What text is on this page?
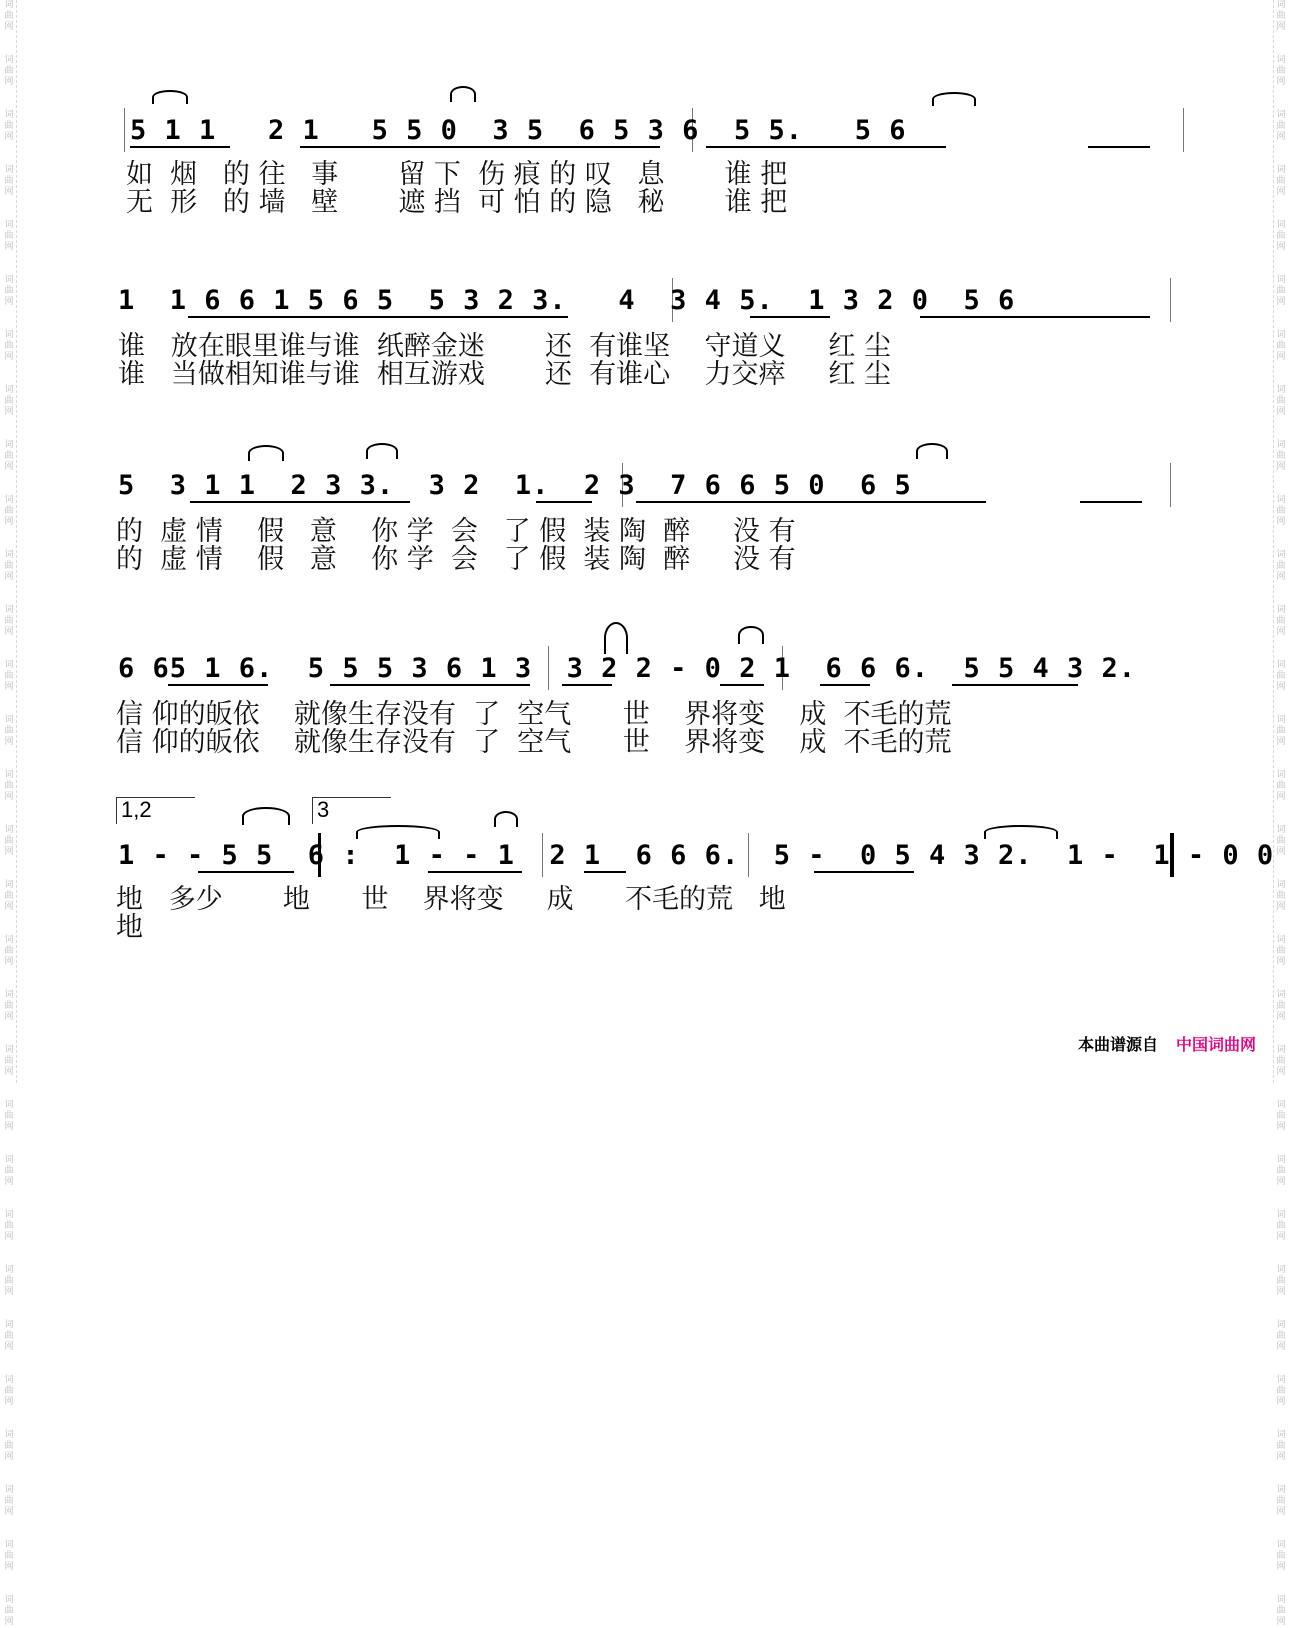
词
曲
网
词
曲
网
词
曲
网
词
曲
网
词
曲
网
词
曲
网
词
曲
网
词
曲
网
词
曲
网
词
曲
网
词
曲
网
词
曲
网
词
曲
网
词
曲
网
词
曲
网
词
曲
网
词
曲
网
词
曲
网
词
曲
网
词
曲
网
词
曲
网
词
曲
网
词
曲
网
词
曲
网
词
曲
网
词
曲
网
词
曲
网
词
曲
网
词
曲
网
词
曲
网
词
曲
网
词
曲
网
词
曲
网
词
曲
网
词
曲
网
词
曲
网
词
曲
网
词
曲
网
词
曲
网
词
曲
网
词
曲
网
词
曲
网
词
曲
网
词
曲
网
词
曲
网
词
曲
网
词
曲
网
词
曲
网
词
曲
网
词
曲
网
词
曲
网
词
曲
网
词
曲
网
词
曲
网
词
曲
网
词
曲
网
词
曲
网
词
曲
网
词
曲
网
词
曲
网
5 1 1   2 1   5 5 0  3 5  6 5 3 6  5 5.   5 6
如  烟   的 往   事       留 下  伤 痕 的 叹   息       谁 把
无  形   的 墙   壁       遮 挡  可 怕 的 隐   秘       谁 把
1  1 6 6 1 5 6 5  5 3 2 3.   4  3 4 5.  1 3 2 0  5 6
谁   放在眼里谁与谁  纸醉金迷       还  有谁坚    守道义     红 尘
谁   当做相知谁与谁  相互游戏       还  有谁心    力交瘁     红 尘
5  3 1 1  2 3 3.  3 2  1.  2 3  7 6 6 5 0  6 5
的  虚 情    假   意    你 学  会   了 假  装 陶  醉     没 有
的  虚 情    假   意    你 学  会   了 假  装 陶  醉     没 有
6 65 1 6.  5 5 5 3 6 1 3  3 2 2 - 0 2 1  6 6 6.  5 5 4 3 2.
信 仰的皈依    就像生存没有  了  空气      世    界将变    成  不毛的荒
信 仰的皈依    就像生存没有  了  空气      世    界将变    成  不毛的荒
1,2	3
1 - - 5 5  6 :  1 - - 1  2 1  6 6 6.  5 -  0 5 4 3 2.  1 -  1 - 0 0
地   多少       地      世    界将变     成      不毛的荒   地
地
本曲谱源自 中国词曲网
